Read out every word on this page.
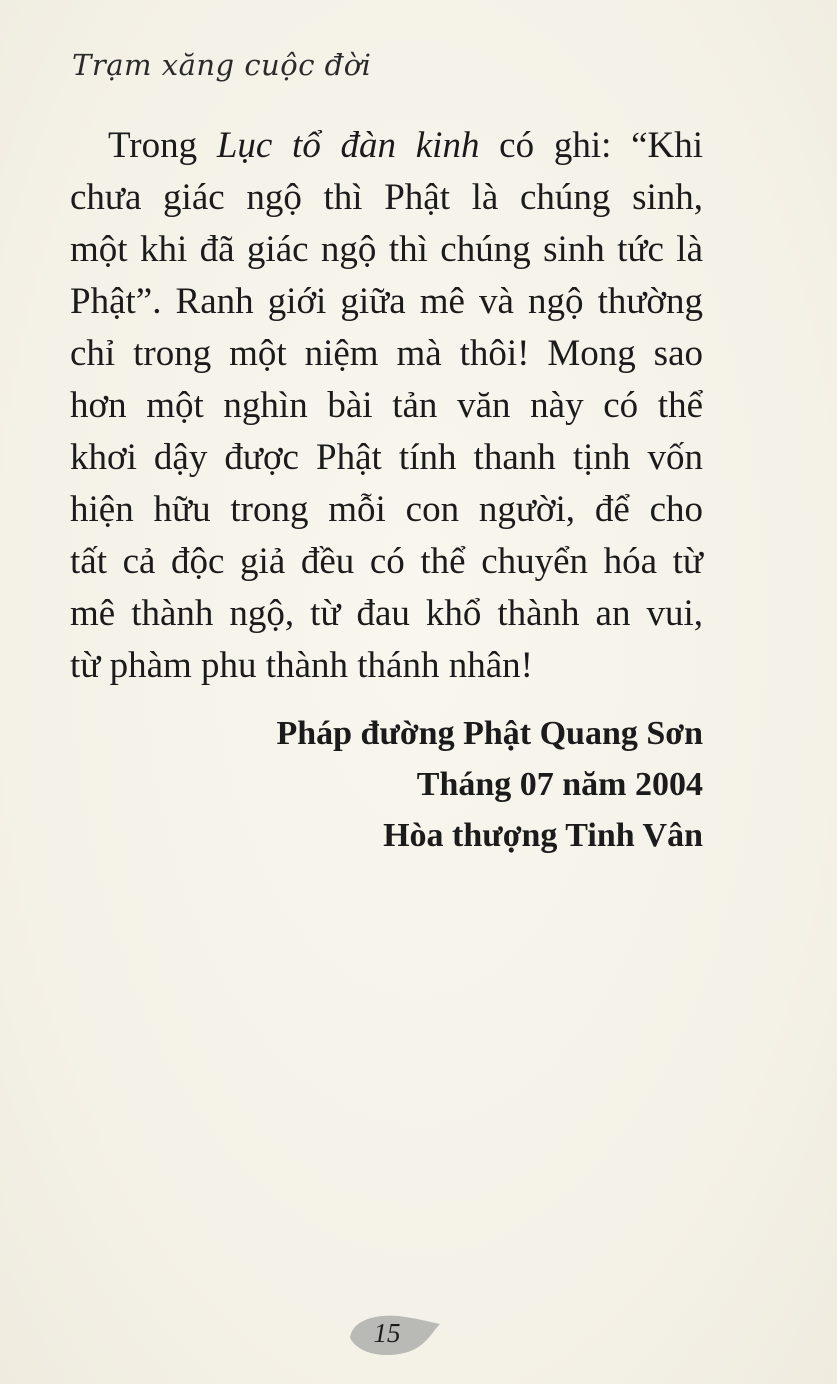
Trạm xăng cuộc đời
Trong Lục tổ đàn kinh có ghi: “Khi
chưa giác ngộ thì Phật là chúng sinh,
một khi đã giác ngộ thì chúng sinh tức là
Phật”. Ranh giới giữa mê và ngộ thường
chỉ trong một niệm mà thôi! Mong sao
hơn một nghìn bài tản văn này có thể
khơi dậy được Phật tính thanh tịnh vốn
hiện hữu trong mỗi con người, để cho
tất cả độc giả đều có thể chuyển hóa từ
mê thành ngộ, từ đau khổ thành an vui,
từ phàm phu thành thánh nhân!
Pháp đường Phật Quang Sơn
Tháng 07 năm 2004
Hòa thượng Tinh Vân
15
